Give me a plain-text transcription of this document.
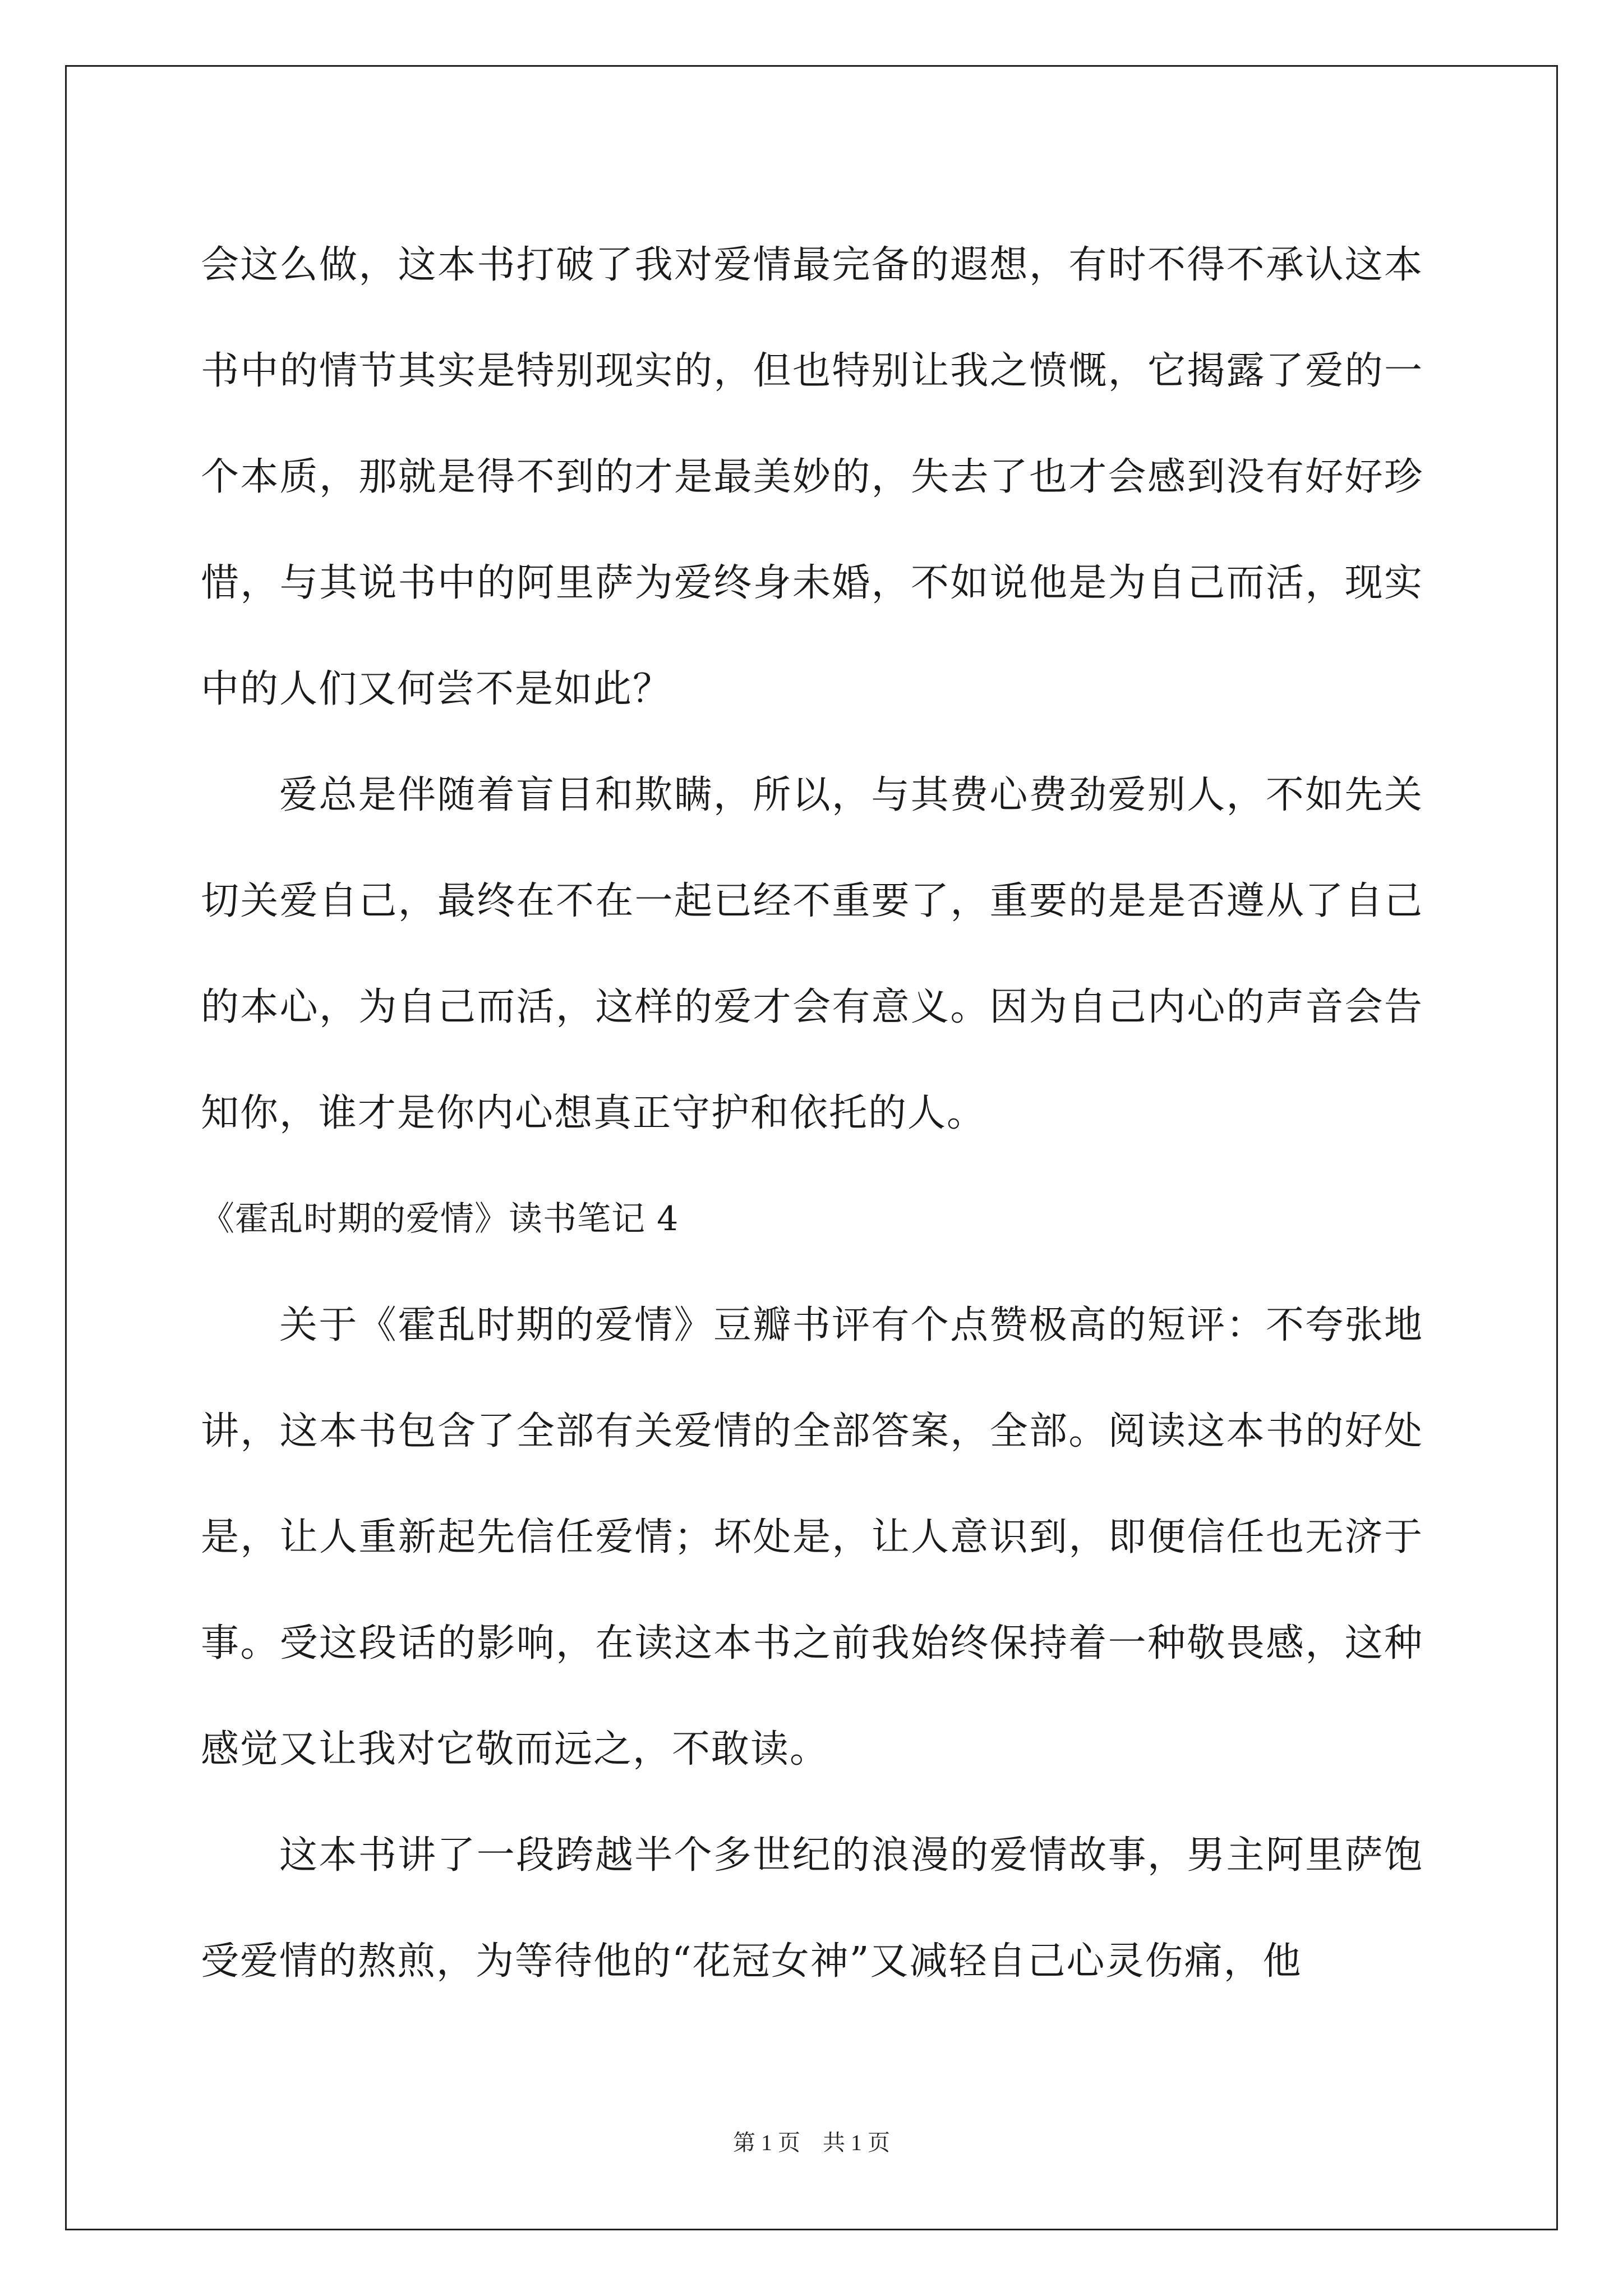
会这么做，这本书打破了我对爱情最完备的遐想，有时不得不承认这本书中的情节其实是特别现实的，但也特别让我之愤慨，它揭露了爱的一个本质，那就是得不到的才是最美妙的，失去了也才会感到没有好好珍惜，与其说书中的阿里萨为爱终身未婚，不如说他是为自己而活，现实中的人们又何尝不是如此？

爱总是伴随着盲目和欺瞒，所以，与其费心费劲爱别人，不如先关切关爱自己，最终在不在一起已经不重要了，重要的是是否遵从了自己的本心，为自己而活，这样的爱才会有意义。因为自己内心的声音会告知你，谁才是你内心想真正守护和依托的人。

《霍乱时期的爱情》读书笔记 4

关于《霍乱时期的爱情》豆瓣书评有个点赞极高的短评：不夸张地讲，这本书包含了全部有关爱情的全部答案，全部。阅读这本书的好处是，让人重新起先信任爱情；坏处是，让人意识到，即便信任也无济于事。受这段话的影响，在读这本书之前我始终保持着一种敬畏感，这种感觉又让我对它敬而远之，不敢读。

这本书讲了一段跨越半个多世纪的浪漫的爱情故事，男主阿里萨饱受爱情的熬煎，为等待他的“花冠女神”又减轻自己心灵伤痛，他

第 1 页　共 1 页
